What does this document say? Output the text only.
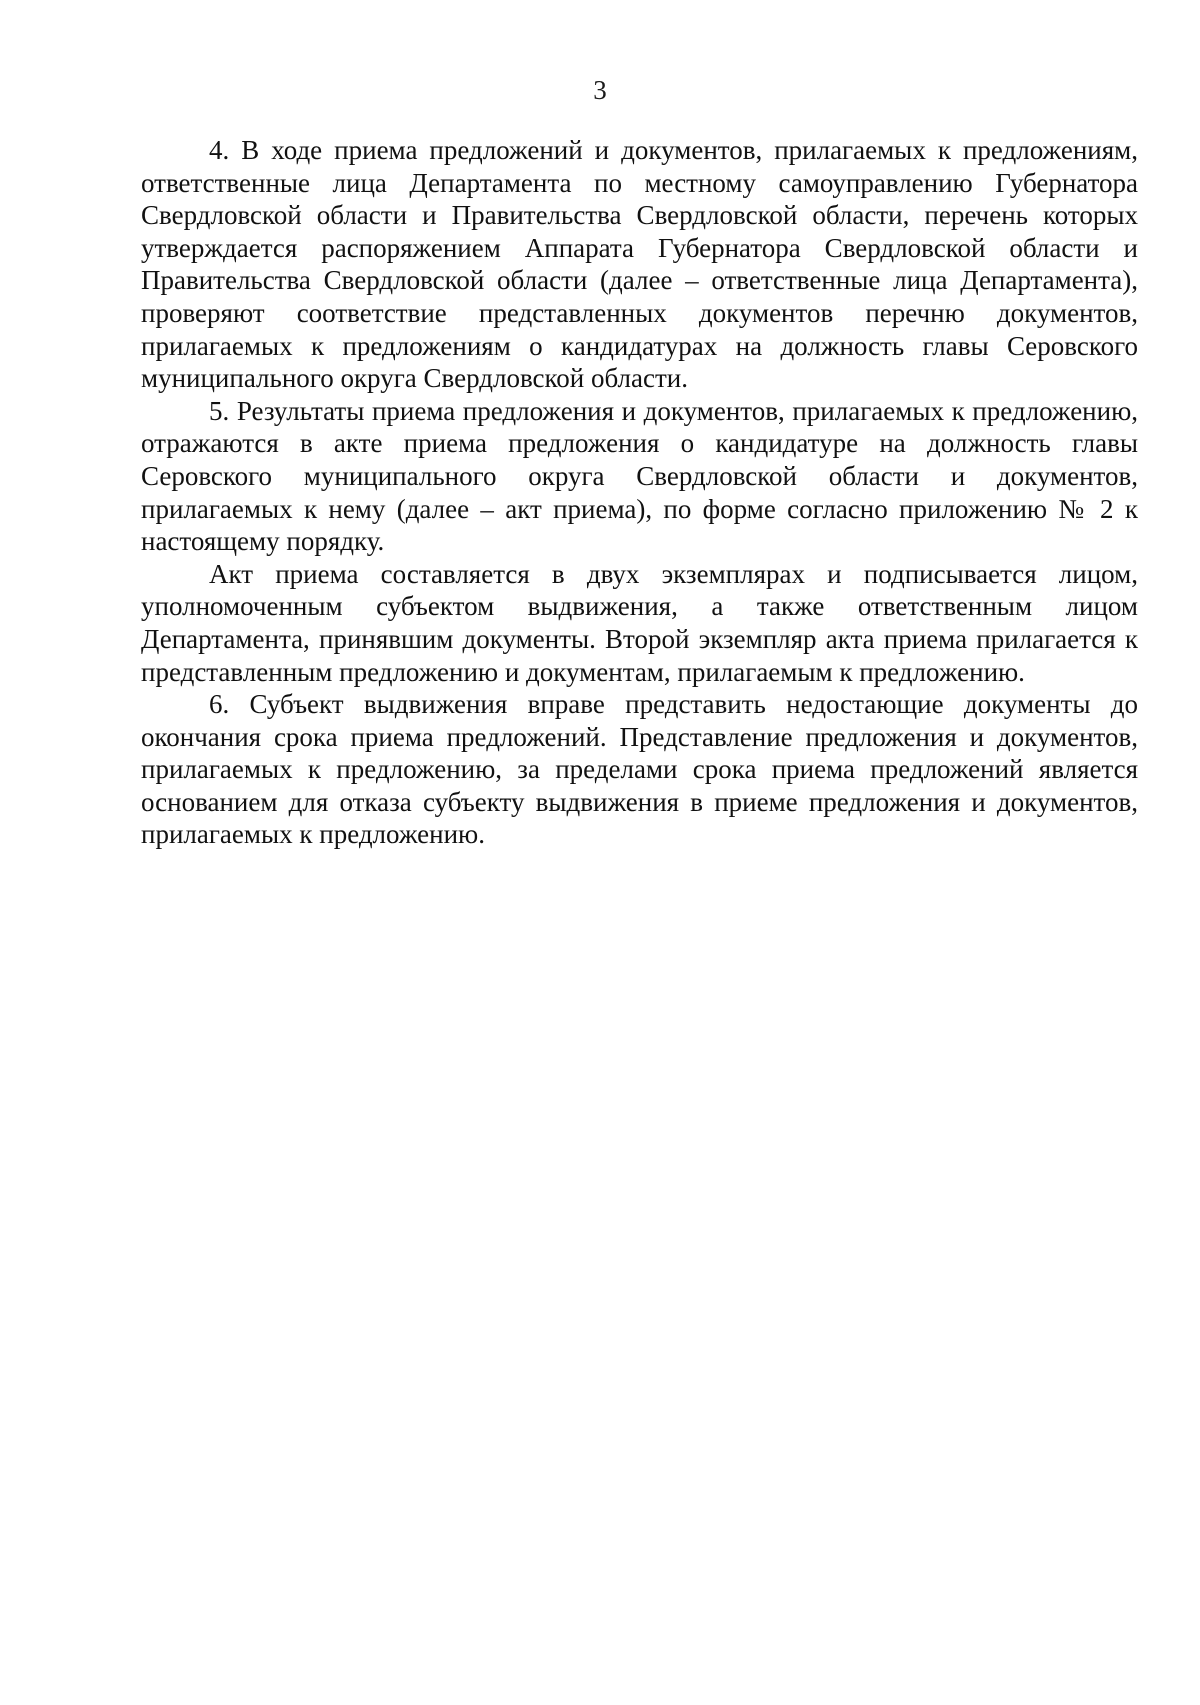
3

4. В ходе приема предложений и документов, прилагаемых к предложениям, ответственные лица Департамента по местному самоуправлению Губернатора Свердловской области и Правительства Свердловской области, перечень которых утверждается распоряжением Аппарата Губернатора Свердловской области и Правительства Свердловской области (далее – ответственные лица Департамента), проверяют соответствие представленных документов перечню документов, прилагаемых к предложениям о кандидатурах на должность главы Серовского муниципального округа Свердловской области.

5. Результаты приема предложения и документов, прилагаемых к предложению, отражаются в акте приема предложения о кандидатуре на должность главы Серовского муниципального округа Свердловской области и документов, прилагаемых к нему (далее – акт приема), по форме согласно приложению № 2 к настоящему порядку.

Акт приема составляется в двух экземплярах и подписывается лицом, уполномоченным субъектом выдвижения, а также ответственным лицом Департамента, принявшим документы. Второй экземпляр акта приема прилагается к представленным предложению и документам, прилагаемым к предложению.

6. Субъект выдвижения вправе представить недостающие документы до окончания срока приема предложений. Представление предложения и документов, прилагаемых к предложению, за пределами срока приема предложений является основанием для отказа субъекту выдвижения в приеме предложения и документов, прилагаемых к предложению.
